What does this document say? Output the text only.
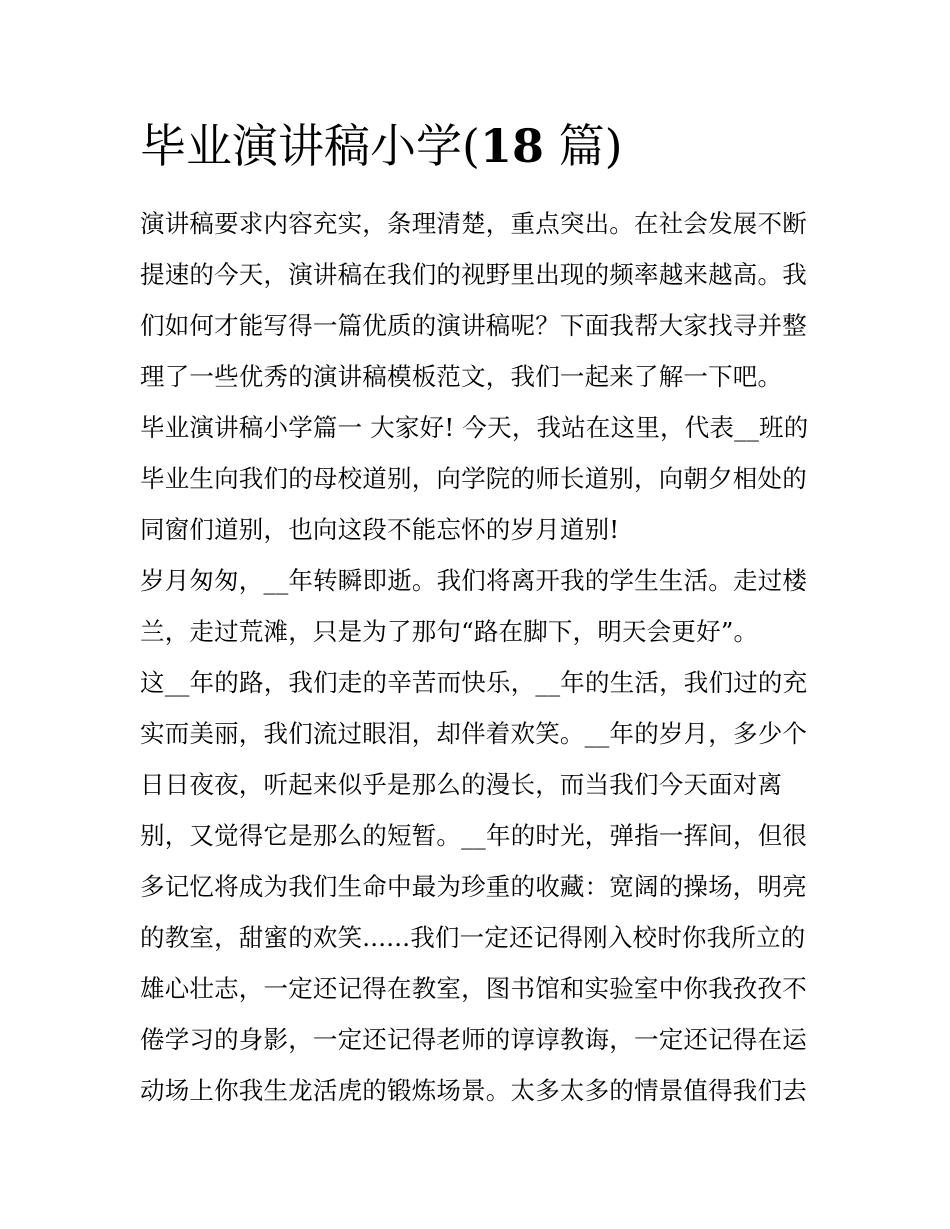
毕业演讲稿小学(18 篇)
演讲稿要求内容充实，条理清楚，重点突出。在社会发展不断
提速的今天，演讲稿在我们的视野里出现的频率越来越高。我
们如何才能写得一篇优质的演讲稿呢？下面我帮大家找寻并整
理了一些优秀的演讲稿模板范文，我们一起来了解一下吧。
毕业演讲稿小学篇一 大家好! 今天，我站在这里，代表__班的
毕业生向我们的母校道别，向学院的师长道别，向朝夕相处的
同窗们道别，也向这段不能忘怀的岁月道别!
岁月匆匆，__年转瞬即逝。我们将离开我的学生生活。走过楼
兰，走过荒滩，只是为了那句“路在脚下，明天会更好”。
这__年的路，我们走的辛苦而快乐，__年的生活，我们过的充
实而美丽，我们流过眼泪，却伴着欢笑。__年的岁月，多少个
日日夜夜，听起来似乎是那么的漫长，而当我们今天面对离
别，又觉得它是那么的短暂。__年的时光，弹指一挥间，但很
多记忆将成为我们生命中最为珍重的收藏：宽阔的操场，明亮
的教室，甜蜜的欢笑......我们一定还记得刚入校时你我所立的
雄心壮志，一定还记得在教室，图书馆和实验室中你我孜孜不
倦学习的身影，一定还记得老师的谆谆教诲，一定还记得在运
动场上你我生龙活虎的锻炼场景。太多太多的情景值得我们去
